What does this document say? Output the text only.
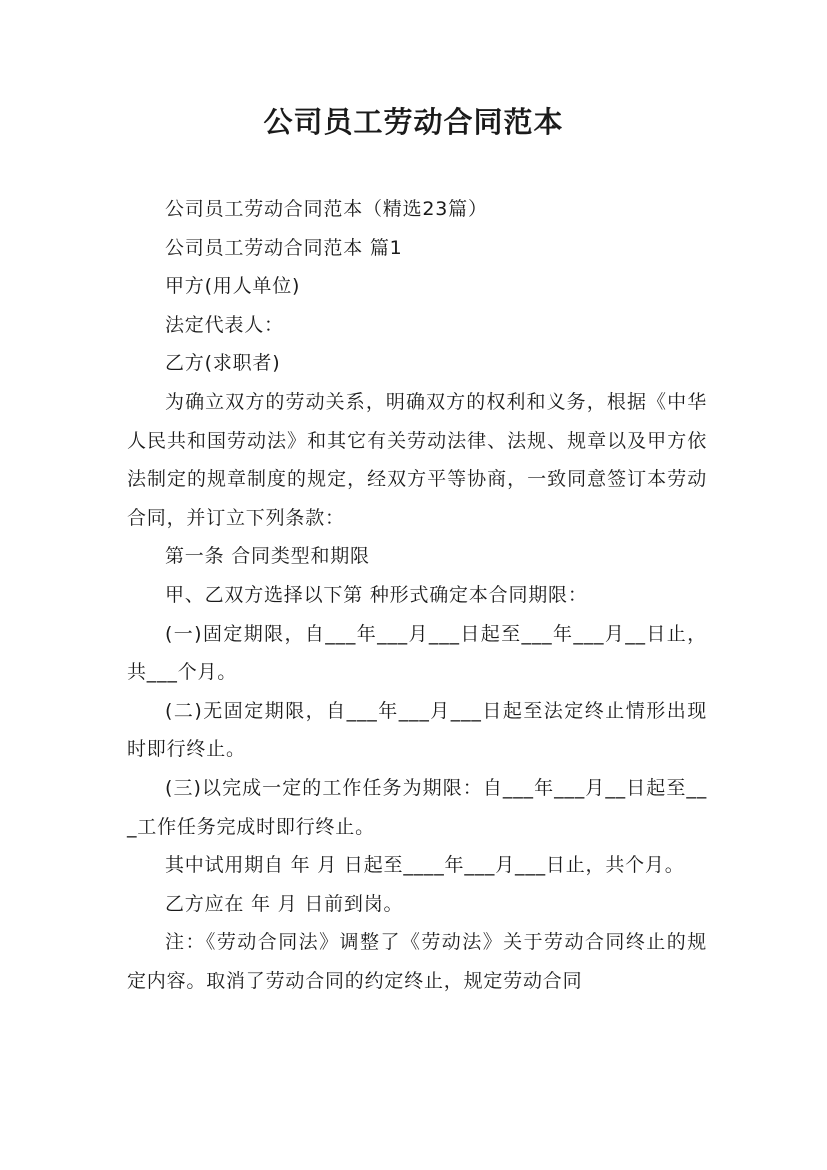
公司员工劳动合同范本

公司员工劳动合同范本（精选23篇）

公司员工劳动合同范本 篇1

甲方(用人单位)

法定代表人：

乙方(求职者)

为确立双方的劳动关系，明确双方的权利和义务，根据《中华人民共和国劳动法》和其它有关劳动法律、法规、规章以及甲方依法制定的规章制度的规定，经双方平等协商，一致同意签订本劳动合同，并订立下列条款：

第一条 合同类型和期限

甲、乙双方选择以下第 种形式确定本合同期限：

(一)固定期限，自___年___月___日起至___年___月__日止，共___个月。

(二)无固定期限，自___年___月___日起至法定终止情形出现时即行终止。

(三)以完成一定的工作任务为期限：自___年___月__日起至___工作任务完成时即行终止。

其中试用期自 年 月 日起至____年___月___日止，共个月。

乙方应在 年 月 日前到岗。

注：《劳动合同法》调整了《劳动法》关于劳动合同终止的规定内容。取消了劳动合同的约定终止，规定劳动合同
